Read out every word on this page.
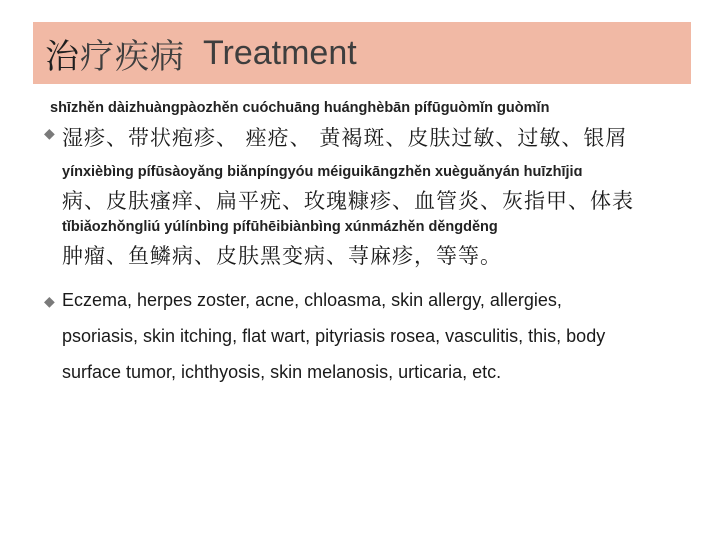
治疗疾病 Treatment
shīzhěn dàizhuàngpàozhěn cuóchuāng huánghèbān pífūguòmǐn guòmǐn
◆ 湿疹、带状疱疹、 痤疮、 黄褐斑、皮肤过敏、过敏、银屑
yínxièbìng pífūsàoyǎng biǎnpíngyóu méiguikāngzhěn xuèguǎnyán huīzhījiɑ
病、皮肤瘙痒、扁平疣、玫瑰糠疹、血管炎、灰指甲、体表
tǐbiǎozhǒngliú yúlínbìng pífūhēibiànbìng xúnmázhěn děngděng
肿瘤、鱼鳞病、皮肤黑变病、荨麻疹，等等。
◆ Eczema, herpes zoster, acne, chloasma, skin allergy, allergies,
psoriasis, skin itching, flat wart, pityriasis rosea, vasculitis, this, body
surface tumor, ichthyosis, skin melanosis, urticaria, etc.
